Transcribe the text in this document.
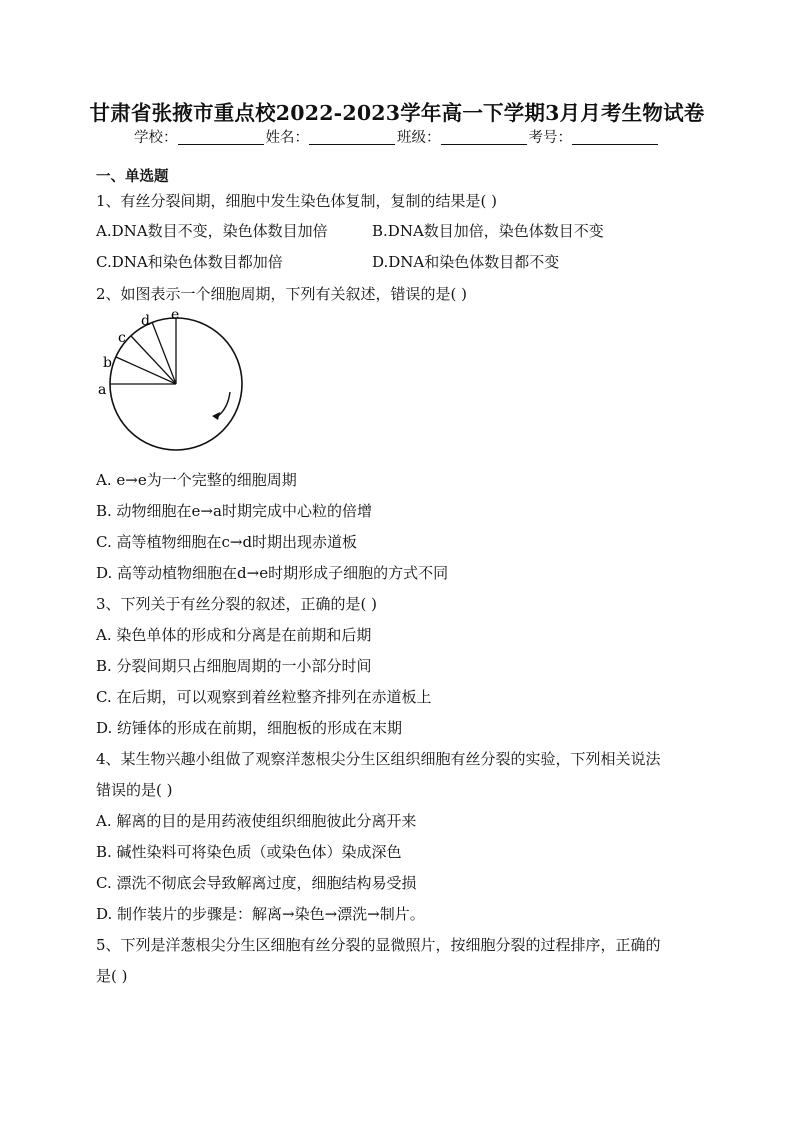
甘肃省张掖市重点校2022-2023学年高一下学期3月月考生物试卷
学校：	姓名：	班级：	考号：
一、单选题
1、有丝分裂间期，细胞中发生染色体复制，复制的结果是( )
A.DNA数目不变，染色体数目加倍	B.DNA数目加倍，染色体数目不变
C.DNA和染色体数目都加倍	D.DNA和染色体数目都不变
2、如图表示一个细胞周期，下列有关叙述，错误的是( )
a
b
c
d e
A. e→e为一个完整的细胞周期
B. 动物细胞在e→a时期完成中心粒的倍增
C. 高等植物细胞在c→d时期出现赤道板
D. 高等动植物细胞在d→e时期形成子细胞的方式不同
3、下列关于有丝分裂的叙述，正确的是( )
A. 染色单体的形成和分离是在前期和后期
B. 分裂间期只占细胞周期的一小部分时间
C. 在后期，可以观察到着丝粒整齐排列在赤道板上
D. 纺锤体的形成在前期，细胞板的形成在末期
4、某生物兴趣小组做了观察洋葱根尖分生区组织细胞有丝分裂的实验，下列相关说法
错误的是( )
A. 解离的目的是用药液使组织细胞彼此分离开来
B. 碱性染料可将染色质（或染色体）染成深色
C. 漂洗不彻底会导致解离过度，细胞结构易受损
D. 制作装片的步骤是：解离→染色→漂洗→制片。
5、下列是洋葱根尖分生区细胞有丝分裂的显微照片，按细胞分裂的过程排序，正确的
是( )
